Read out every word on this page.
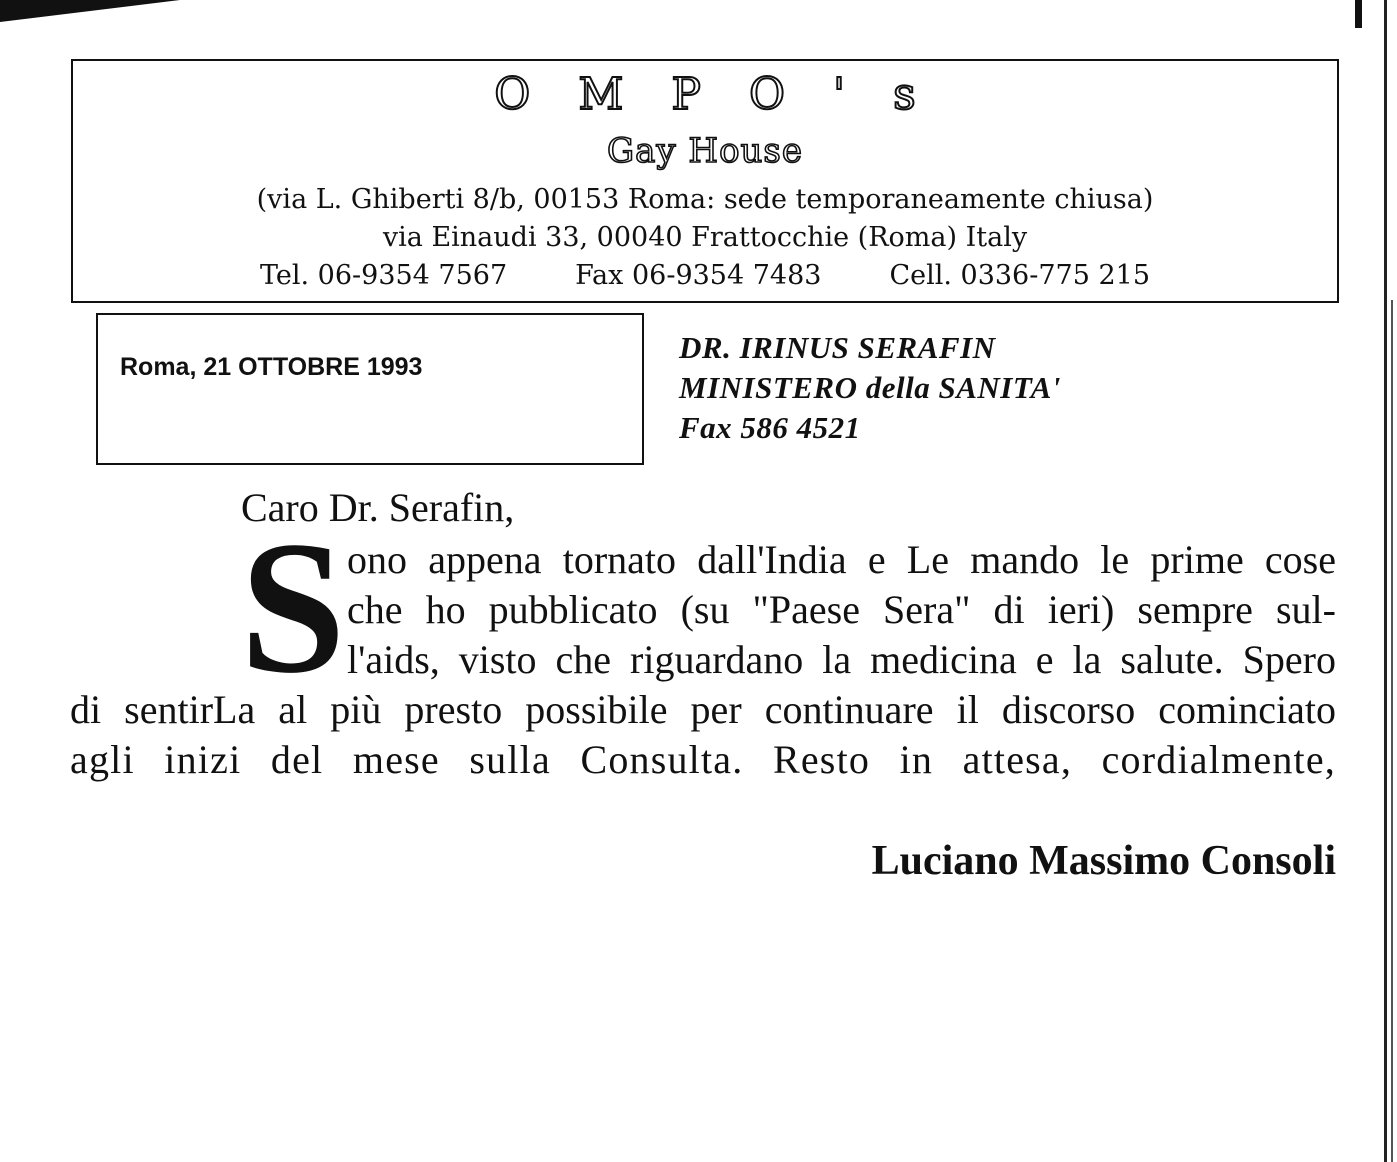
OMPO's
Gay House
(via L. Ghiberti 8/b, 00153 Roma: sede temporaneamente chiusa)
via Einaudi 33, 00040 Frattocchie (Roma) Italy
Tel. 06-9354 7567	Fax 06-9354 7483	Cell. 0336-775 215
Roma, 21 OTTOBRE 1993
DR. IRINUS SERAFIN
MINISTERO della SANITA'
Fax 586 4521
Caro Dr. Serafin,
S ono appena tornato dall'India e Le mando le prime cose
che ho pubblicato (su "Paese Sera" di ieri) sempre sul-
l'aids, visto che riguardano la medicina e la salute. Spero
di sentirLa al più presto possibile per continuare il discorso cominciato
agli inizi del mese sulla Consulta. Resto in attesa, cordialmente,
Luciano Massimo Consoli
